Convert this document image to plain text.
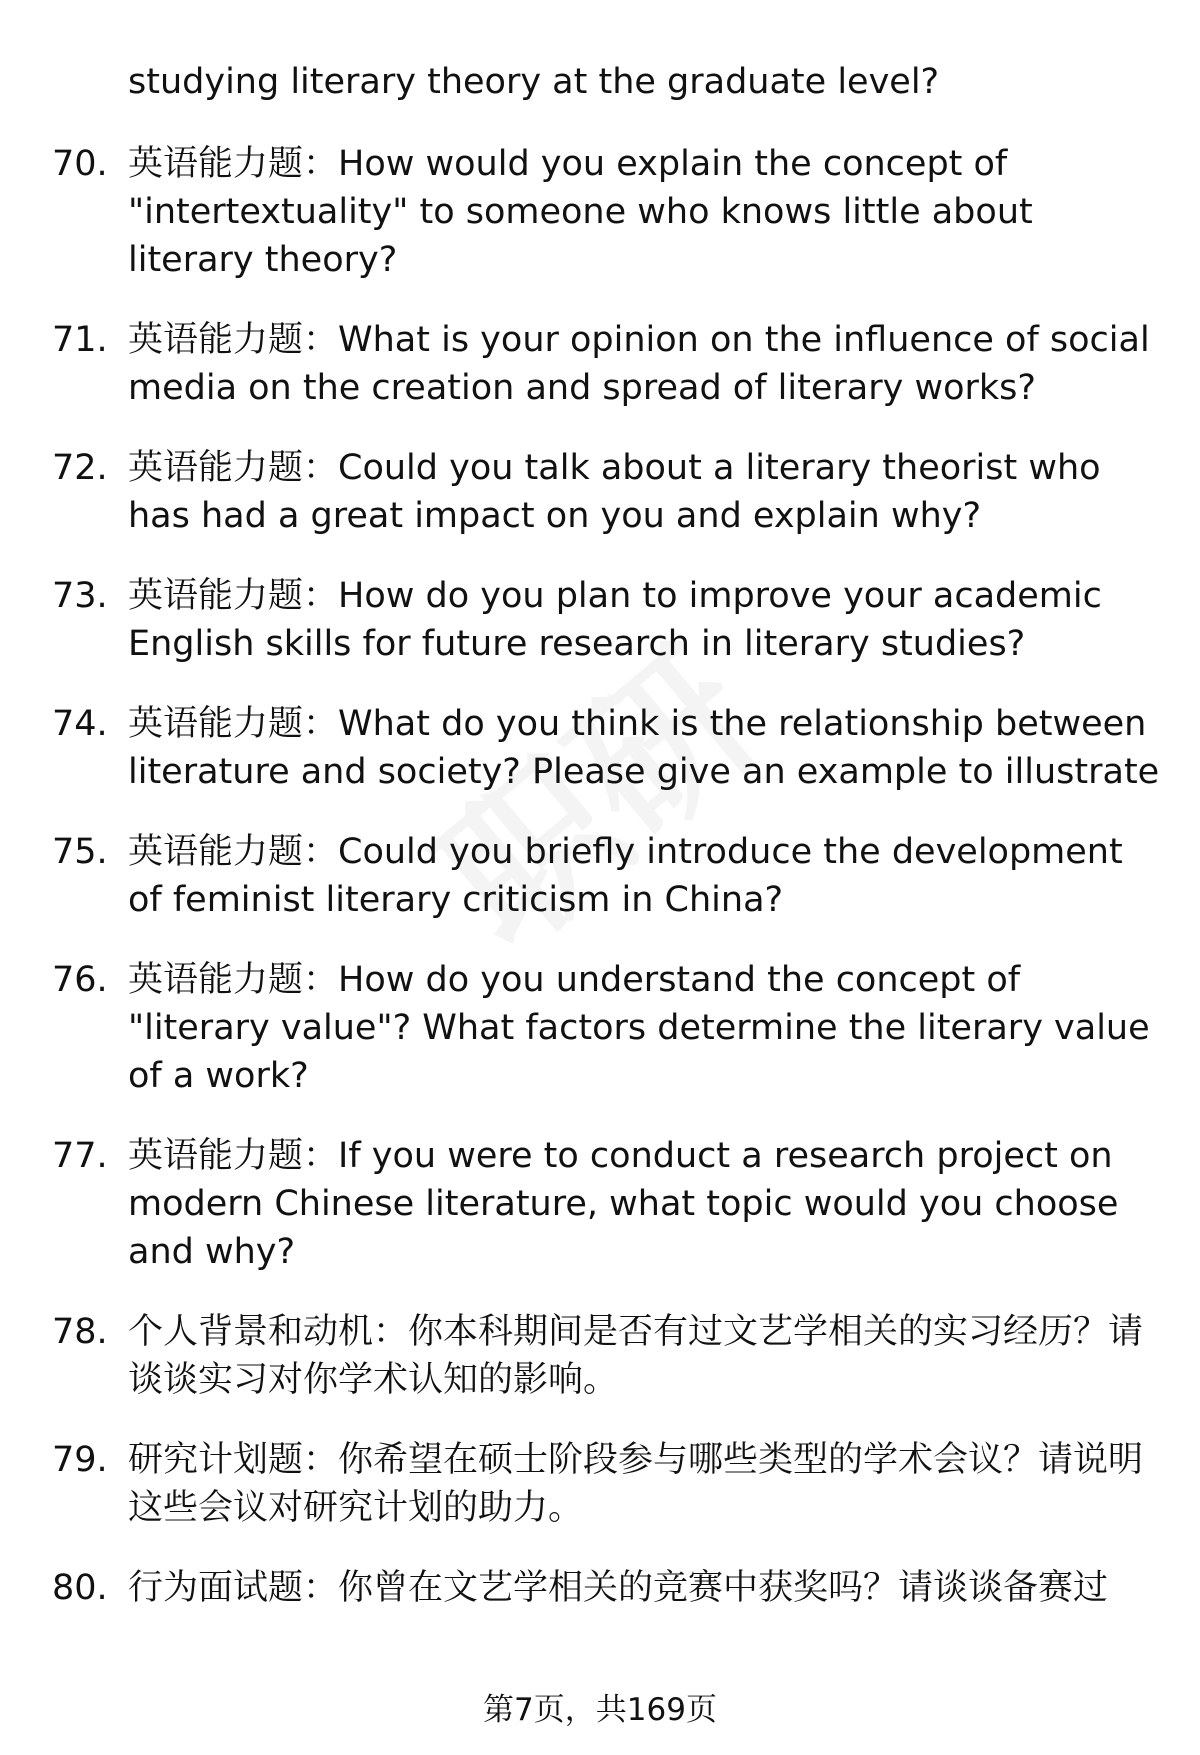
studying literary theory at the graduate level?
70. 英语能力题：How would you explain the concept of "intertextuality" to someone who knows little about literary theory?
71. 英语能力题：What is your opinion on the influence of social media on the creation and spread of literary works?
72. 英语能力题：Could you talk about a literary theorist who has had a great impact on you and explain why?
73. 英语能力题：How do you plan to improve your academic English skills for future research in literary studies?
74. 英语能力题：What do you think is the relationship between literature and society? Please give an example to illustrate
75. 英语能力题：Could you briefly introduce the development of feminist literary criticism in China?
76. 英语能力题：How do you understand the concept of "literary value"? What factors determine the literary value of a work?
77. 英语能力题：If you were to conduct a research project on modern Chinese literature, what topic would you choose and why?
78. 个人背景和动机：你本科期间是否有过文艺学相关的实习经历？请谈谈实习对你学术认知的影响。
79. 研究计划题：你希望在硕士阶段参与哪些类型的学术会议？请说明这些会议对研究计划的助力。
80. 行为面试题：你曾在文艺学相关的竞赛中获奖吗？请谈谈备赛过
第7页，共169页
